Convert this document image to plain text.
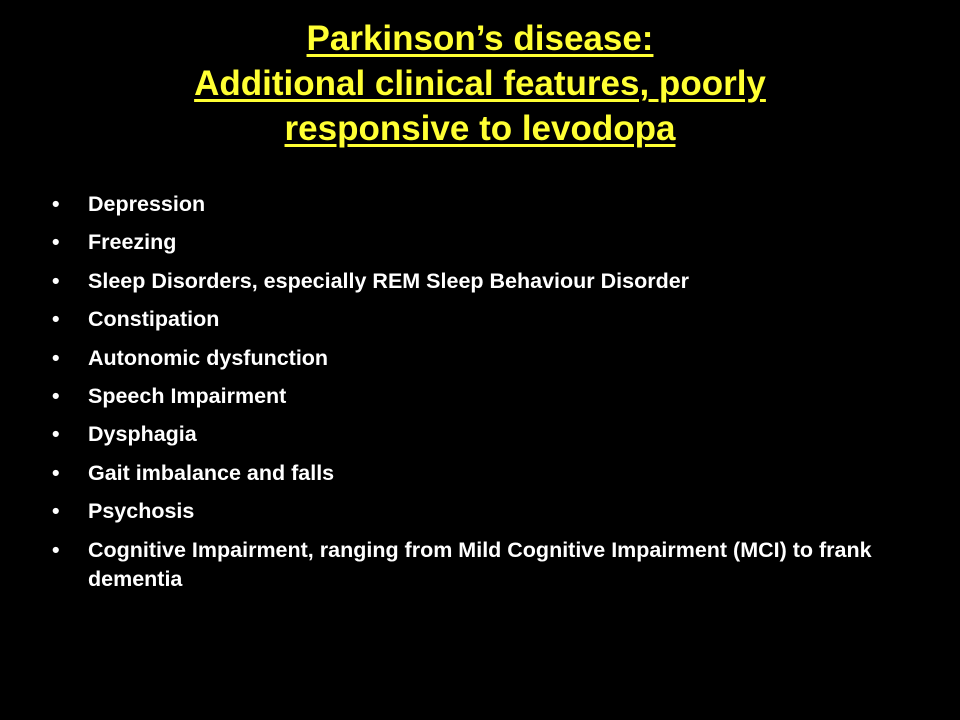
Parkinson’s disease:
Additional clinical features, poorly
responsive to levodopa
•	Depression
•	Freezing
•	Sleep Disorders, especially REM Sleep Behaviour Disorder
•	Constipation
•	Autonomic dysfunction
•	Speech Impairment
•	Dysphagia
•	Gait imbalance and falls
•	Psychosis
•	Cognitive Impairment, ranging from Mild Cognitive Impairment (MCI) to frank dementia
